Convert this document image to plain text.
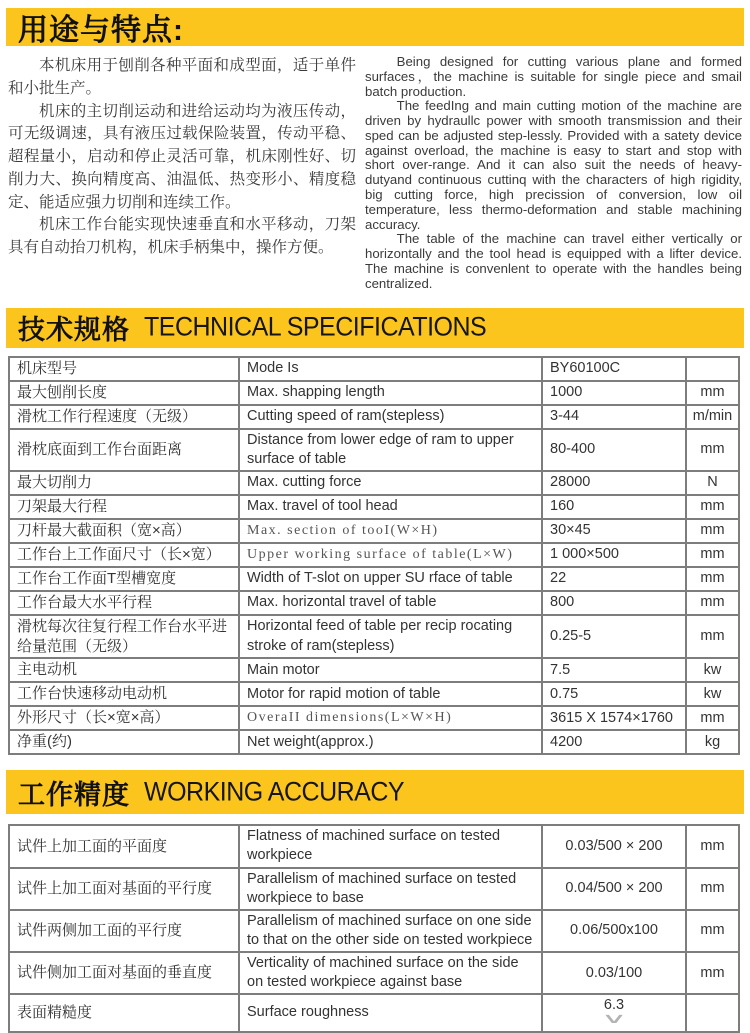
用途与特点:

本机床用于刨削各种平面和成型面，适于单件和小批生产。

机床的主切削运动和进给运动均为液压传动，可无级调速，具有液压过载保险装置，传动平稳、超程量小，启动和停止灵活可靠，机床刚性好、切削力大、换向精度高、油温低、热变形小、精度稳定、能适应强力切削和连续工作。

机床工作台能实现快速垂直和水平移动，刀架具有自动抬刀机构，机床手柄集中，操作方便。

Being designed for cutting various plane and formed surfaces，the machine is suitable for single piece and smail batch production.

The feedIng and main cutting motion of the machine are driven by hydraullc power with smooth transmission and their sped can be adjusted step-lessly. Provided with a satety device against overload, the machine is easy to start and stop with short over-range. And it can also suit the needs of heavy-dutyand continuous cuttinq with the characters of high rigidity, big cutting force, high precission of conversion, low oil temperature, less thermo-deformation and stable machining accuracy.

The table of the machine can travel either vertically or horizontally and the tool head is equipped with a lifter device. The machine is convenlent to operate with the handles being centralized.

技术规格 TECHNICAL SPECIFICATIONS
机床型号	Mode Is	BY60100C	
最大刨削长度	Max. shapping length	1000	mm
滑枕工作行程速度（无级）	Cutting speed of ram(stepless)	3-44	m/min
滑枕底面到工作台面距离	Distance from lower edge of ram to upper surface of table	80-400	mm
最大切削力	Max. cutting force	28000	N
刀架最大行程	Max. travel of tool head	160	mm
刀杆最大截面积（宽×高）	Max. section of tooI(W×H)	30×45	mm
工作台上工作面尺寸（长×宽）	Upper working surface of table(L×W)	1 000×500	mm
工作台工作面T型槽宽度	Width of T-slot on upper SU rface of table	22	mm
工作台最大水平行程	Max. horizontal travel of table	800	mm
滑枕每次往复行程工作台水平进给量范围（无级）	Horizontal feed of table per recip rocating stroke of ram(stepless)	0.25-5	mm
主电动机	Main motor	7.5	kw
工作台快速移动电动机	Motor for rapid motion of table	0.75	kw
外形尺寸（长×宽×高）	OveraII dimensions(L×W×H)	3615 X 1574×1760	mm
净重(约)	Net weight(approx.)	4200	kg
工作精度 WORKING ACCURACY
试件上加工面的平面度	Flatness of machined surface on tested workpiece	0.03/500 × 200	mm
试件上加工面对基面的平行度	Parallelism of machined surface on tested workpiece to base	0.04/500 × 200	mm
试件两侧加工面的平行度	Parallelism of machined surface on one side to that on the other side on tested workpiece	0.06/500x100	mm
试件侧加工面对基面的垂直度	Verticality of machined surface on the side on tested workpiece against base	0.03/100	mm
表面精糙度	Surface roughness	6.3
∨	
